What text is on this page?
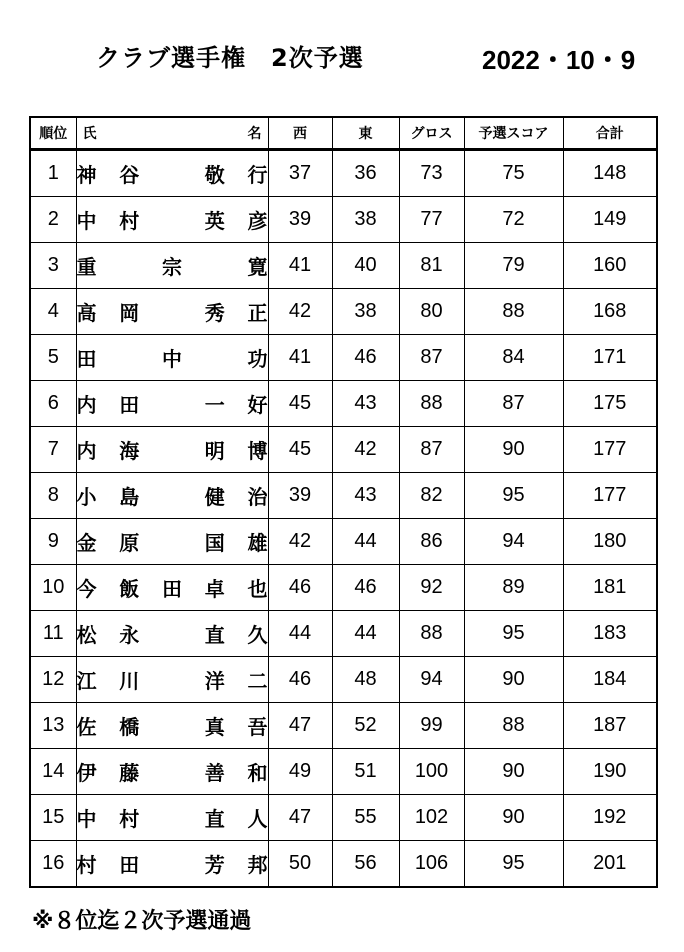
クラブ選手権　2次予選	2022・10・9
順位	氏 名	西	東	グロス	予選スコア	合計
1	神 谷 敬 行	37	36	73	75	148
2	中 村 英 彦	39	38	77	72	149
3	重 宗 寛	41	40	81	79	160
4	高 岡 秀 正	42	38	80	88	168
5	田 中 功	41	46	87	84	171
6	内 田 一 好	45	43	88	87	175
7	内 海 明 博	45	42	87	90	177
8	小 島 健 治	39	43	82	95	177
9	金 原 国 雄	42	44	86	94	180
10	今 飯 田 卓 也	46	46	92	89	181
11	松 永 直 久	44	44	88	95	183
12	江 川 洋 二	46	48	94	90	184
13	佐 橋 真 吾	47	52	99	88	187
14	伊 藤 善 和	49	51	100	90	190
15	中 村 直 人	47	55	102	90	192
16	村 田 芳 邦	50	56	106	95	201
※８位迄２次予選通過
